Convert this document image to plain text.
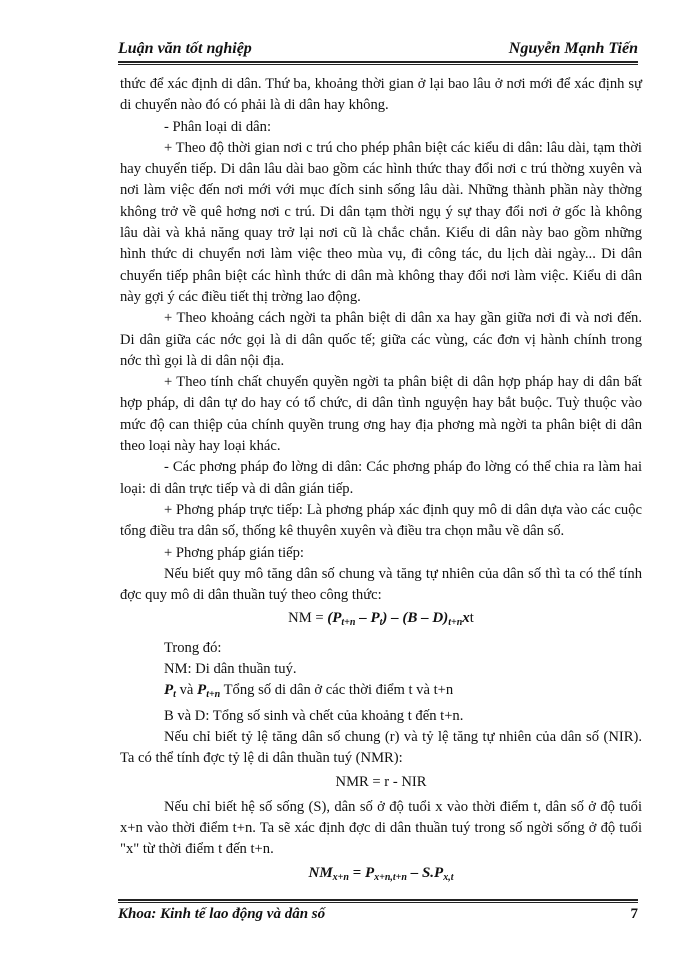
Luận văn tốt nghiệp	Nguyễn Mạnh Tiến

thức để xác định di dân. Thứ ba, khoảng thời gian ở lại bao lâu ở nơi mới để xác định sự di chuyển nào đó có phải là di dân hay không.

- Phân loại di dân:

+ Theo độ thời gian nơi c trú cho phép phân biệt các kiểu di dân: lâu dài, tạm thời hay chuyển tiếp. Di dân lâu dài bao gồm các hình thức thay đổi nơi c trú thờng xuyên và nơi làm việc đến nơi mới với mục đích sinh sống lâu dài. Những thành phần này thờng không trở về quê hơng nơi c trú. Di dân tạm thời ngụ ý sự thay đổi nơi ở gốc là không lâu dài và khả năng quay trở lại nơi cũ là chắc chắn. Kiểu di dân này bao gồm những hình thức di chuyển nơi làm việc theo mùa vụ, đi công tác, du lịch dài ngày... Di dân chuyển tiếp phân biệt các hình thức di dân mà không thay đổi nơi làm việc. Kiểu di dân này gợi ý các điều tiết thị trờng lao động.

+ Theo khoảng cách ngời ta phân biệt di dân xa hay gần giữa nơi đi và nơi đến. Di dân giữa các nớc gọi là di dân quốc tế; giữa các vùng, các đơn vị hành chính trong nớc thì gọi là di dân nội địa.

+ Theo tính chất chuyển quyền ngời ta phân biệt di dân hợp pháp hay di dân bất hợp pháp, di dân tự do hay có tổ chức, di dân tình nguyện hay bắt buộc. Tuỳ thuộc vào mức độ can thiệp của chính quyền trung ơng hay địa phơng mà ngời ta phân biệt di dân theo loại này hay loại khác.

- Các phơng pháp đo lờng di dân: Các phơng pháp đo lờng có thể chia ra làm hai loại: di dân trực tiếp và di dân gián tiếp.

+ Phơng pháp trực tiếp: Là phơng pháp xác định quy mô di dân dựa vào các cuộc tổng điều tra dân số, thống kê thuyên xuyên và điều tra chọn mẫu về dân số.

+ Phơng pháp gián tiếp:

Nếu biết quy mô tăng dân số chung và tăng tự nhiên của dân số thì ta có thể tính đợc quy mô di dân thuần tuý theo công thức:

NM = $(P_{t+n} - P_t) - (B - D)_{t+n}xt$

Trong đó:

NM: Di dân thuần tuý.

$P_t$ và $P_{t+n}$ Tổng số di dân ở các thời điểm t và t+n

B và D: Tổng số sinh và chết của khoảng t đến t+n.

Nếu chỉ biết tỷ lệ tăng dân số chung (r) và tỷ lệ tăng tự nhiên của dân số (NIR). Ta có thể tính đợc tỷ lệ di dân thuần tuý (NMR):

NMR = r - NIR

Nếu chỉ biết hệ số sống (S), dân số ở độ tuổi x vào thời điểm t, dân số ở độ tuổi x+n vào thời điểm t+n. Ta sẽ xác định đợc di dân thuần tuý trong số ngời sống ở độ tuổi "x" từ thời điểm t đến t+n.

$NM_{x+n} = P_{x+n,t+n} - S.P_{x,t}$
Khoa: Kinh tế lao động và dân số	7
